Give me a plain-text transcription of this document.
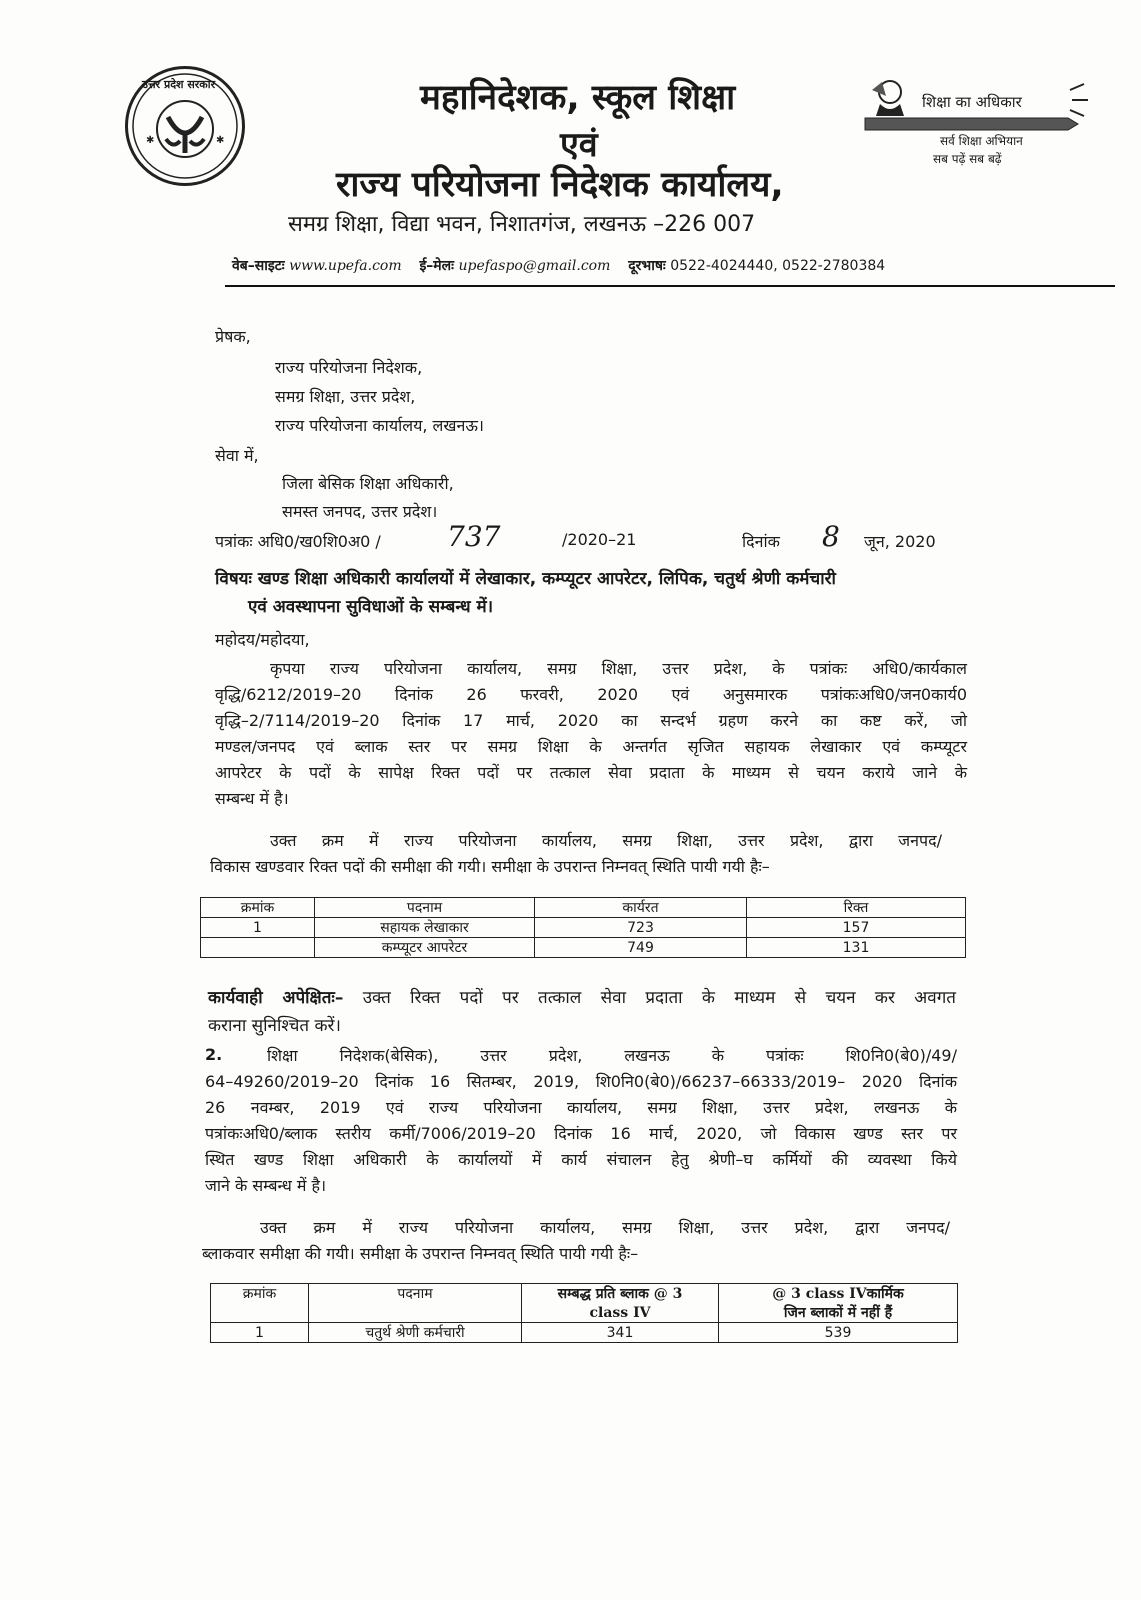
✱	✱
उत्तर प्रदेश सरकार	महानिदेशक, स्कूल शिक्षा
एवं
राज्य परियोजना निदेशक कार्यालय,
समग्र शिक्षा, विद्या भवन, निशातगंज, लखनऊ –226 007
शिक्षा का अधिकार
सर्व शिक्षा अभियान
सब पढ़ें सब बढ़ें
वेब–साइटः www.upefa.com ई–मेलः upefaspo@gmail.com दूरभाषः 0522-4024440, 0522-2780384
प्रेषक,
राज्य परियोजना निदेशक,
समग्र शिक्षा, उत्तर प्रदेश,
राज्य परियोजना कार्यालय, लखनऊ।
सेवा में,
जिला बेसिक शिक्षा अधिकारी,
समस्त जनपद, उत्तर प्रदेश।
पत्रांकः अधि0/ख0शि0अ0 / 737	/2020–21	दिनांक 8 जून, 2020
विषयः खण्ड शिक्षा अधिकारी कार्यालयों में लेखाकार, कम्प्यूटर आपरेटर, लिपिक, चतुर्थ श्रेणी कर्मचारी
एवं अवस्थापना सुविधाओं के सम्बन्ध में।
महोदय/महोदया,
कृपया राज्य परियोजना कार्यालय, समग्र शिक्षा, उत्तर प्रदेश, के पत्रांकः अधि0/कार्यकाल
वृद्धि/6212/2019–20 दिनांक 26 फरवरी, 2020 एवं अनुसमारक पत्रांकःअधि0/जन0कार्य0
वृद्धि–2/7114/2019–20 दिनांक 17 मार्च, 2020 का सन्दर्भ ग्रहण करने का कष्ट करें, जो
मण्डल/जनपद एवं ब्लाक स्तर पर समग्र शिक्षा के अन्तर्गत सृजित सहायक लेखाकार एवं कम्प्यूटर
आपरेटर के पदों के सापेक्ष रिक्त पदों पर तत्काल सेवा प्रदाता के माध्यम से चयन कराये जाने के
सम्बन्ध में है।
उक्त क्रम में राज्य परियोजना कार्यालय, समग्र शिक्षा, उत्तर प्रदेश, द्वारा जनपद/
विकास खण्डवार रिक्त पदों की समीक्षा की गयी। समीक्षा के उपरान्त निम्नवत् स्थिति पायी गयी हैः–
क्रमांक	पदनाम	कार्यरत	रिक्त
1	सहायक लेखाकार	723	157
	कम्प्यूटर आपरेटर	749	131
कार्यवाही अपेक्षितः– उक्त रिक्त पदों पर तत्काल सेवा प्रदाता के माध्यम से चयन कर अवगत
कराना सुनिश्चित करें।
2.	शिक्षा निदेशक(बेसिक), उत्तर प्रदेश, लखनऊ के पत्रांकः शि0नि0(बे0)/49/
64–49260/2019–20 दिनांक 16 सितम्बर, 2019, शि0नि0(बे0)/66237–66333/2019– 2020 दिनांक
26 नवम्बर, 2019 एवं राज्य परियोजना कार्यालय, समग्र शिक्षा, उत्तर प्रदेश, लखनऊ के
पत्रांकःअधि0/ब्लाक स्तरीय कर्मी/7006/2019–20 दिनांक 16 मार्च, 2020, जो विकास खण्ड स्तर पर
स्थित खण्ड शिक्षा अधिकारी के कार्यालयों में कार्य संचालन हेतु श्रेणी–घ कर्मियों की व्यवस्था किये
जाने के सम्बन्ध में है।
उक्त क्रम में राज्य परियोजना कार्यालय, समग्र शिक्षा, उत्तर प्रदेश, द्वारा जनपद/
ब्लाकवार समीक्षा की गयी। समीक्षा के उपरान्त निम्नवत् स्थिति पायी गयी हैः–
क्रमांक	पदनाम	सम्बद्ध प्रति ब्लाक @ 3	@ 3 class IVकार्मिक
		class IV	जिन ब्लाकों में नहीं हैं
1	चतुर्थ श्रेणी कर्मचारी	341	539
